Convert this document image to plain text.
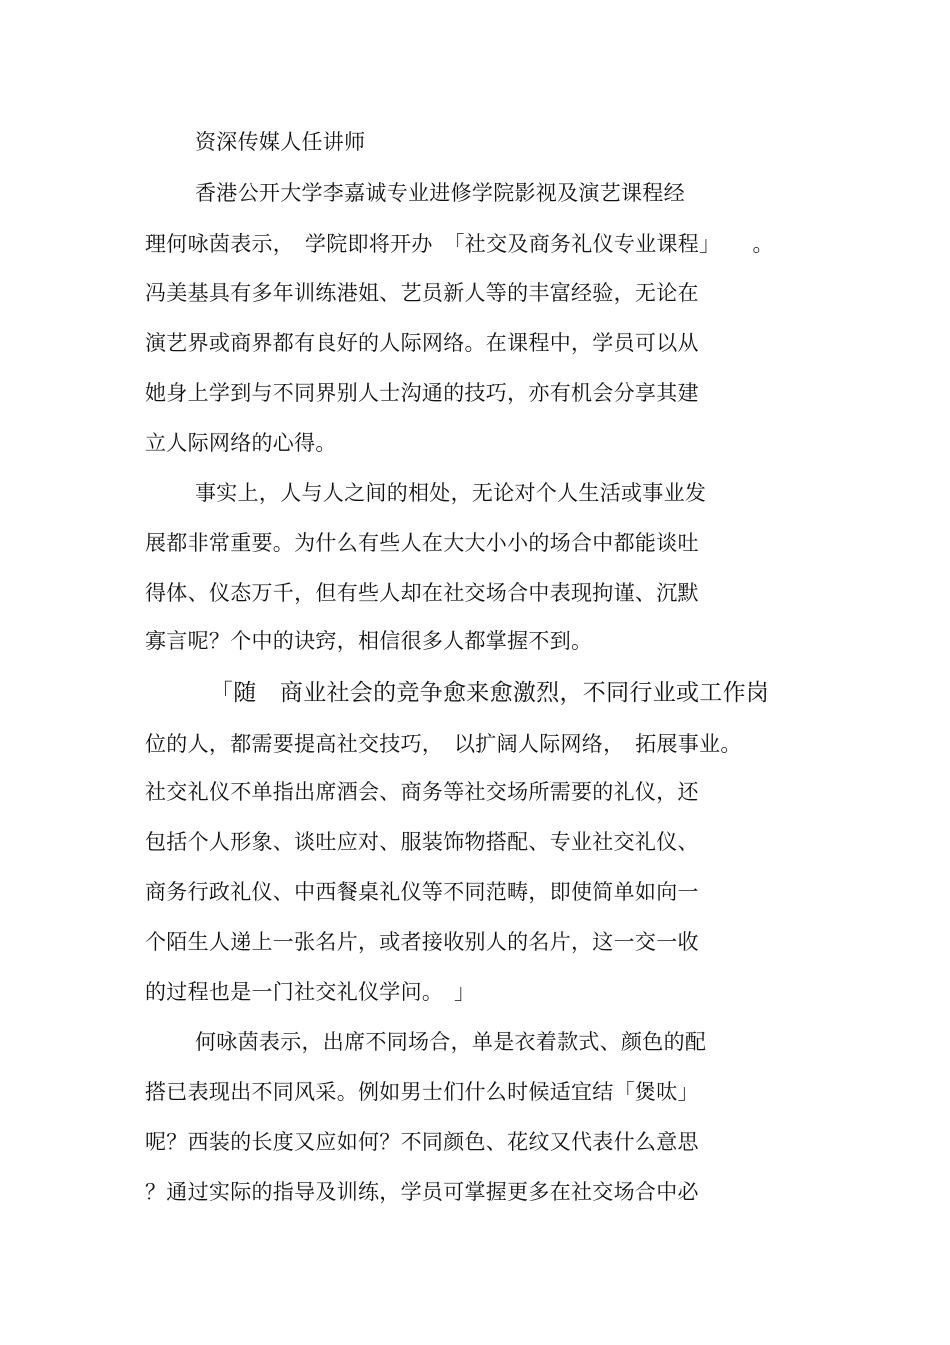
资深传媒人任讲师
香港公开大学李嘉诚专业进修学院影视及演艺课程经
理何咏茵表示，　学院即将开办　「社交及商务礼仪专业课程」　　。
冯美基具有多年训练港姐、艺员新人等的丰富经验，无论在
演艺界或商界都有良好的人际网络。在课程中，学员可以从
她身上学到与不同界别人士沟通的技巧，亦有机会分享其建
立人际网络的心得。
事实上，人与人之间的相处，无论对个人生活或事业发
展都非常重要。为什么有些人在大大小小的场合中都能谈吐
得体、仪态万千，但有些人却在社交场合中表现拘谨、沉默
寡言呢？个中的诀窍，相信很多人都掌握不到。
「随　商业社会的竞争愈来愈激烈，不同行业或工作岗
位的人，都需要提高社交技巧，　以扩阔人际网络，　拓展事业。
社交礼仪不单指出席酒会、商务等社交场所需要的礼仪，还
包括个人形象、谈吐应对、服装饰物搭配、专业社交礼仪、
商务行政礼仪、中西餐桌礼仪等不同范畴，即使简单如向一
个陌生人递上一张名片，或者接收别人的名片，这一交一收
的过程也是一门社交礼仪学问。　」
何咏茵表示，出席不同场合，单是衣着款式、颜色的配
搭已表现出不同风采。例如男士们什么时候适宜结「煲呔」
呢？西装的长度又应如何？不同颜色、花纹又代表什么意思
？通过实际的指导及训练，学员可掌握更多在社交场合中必
